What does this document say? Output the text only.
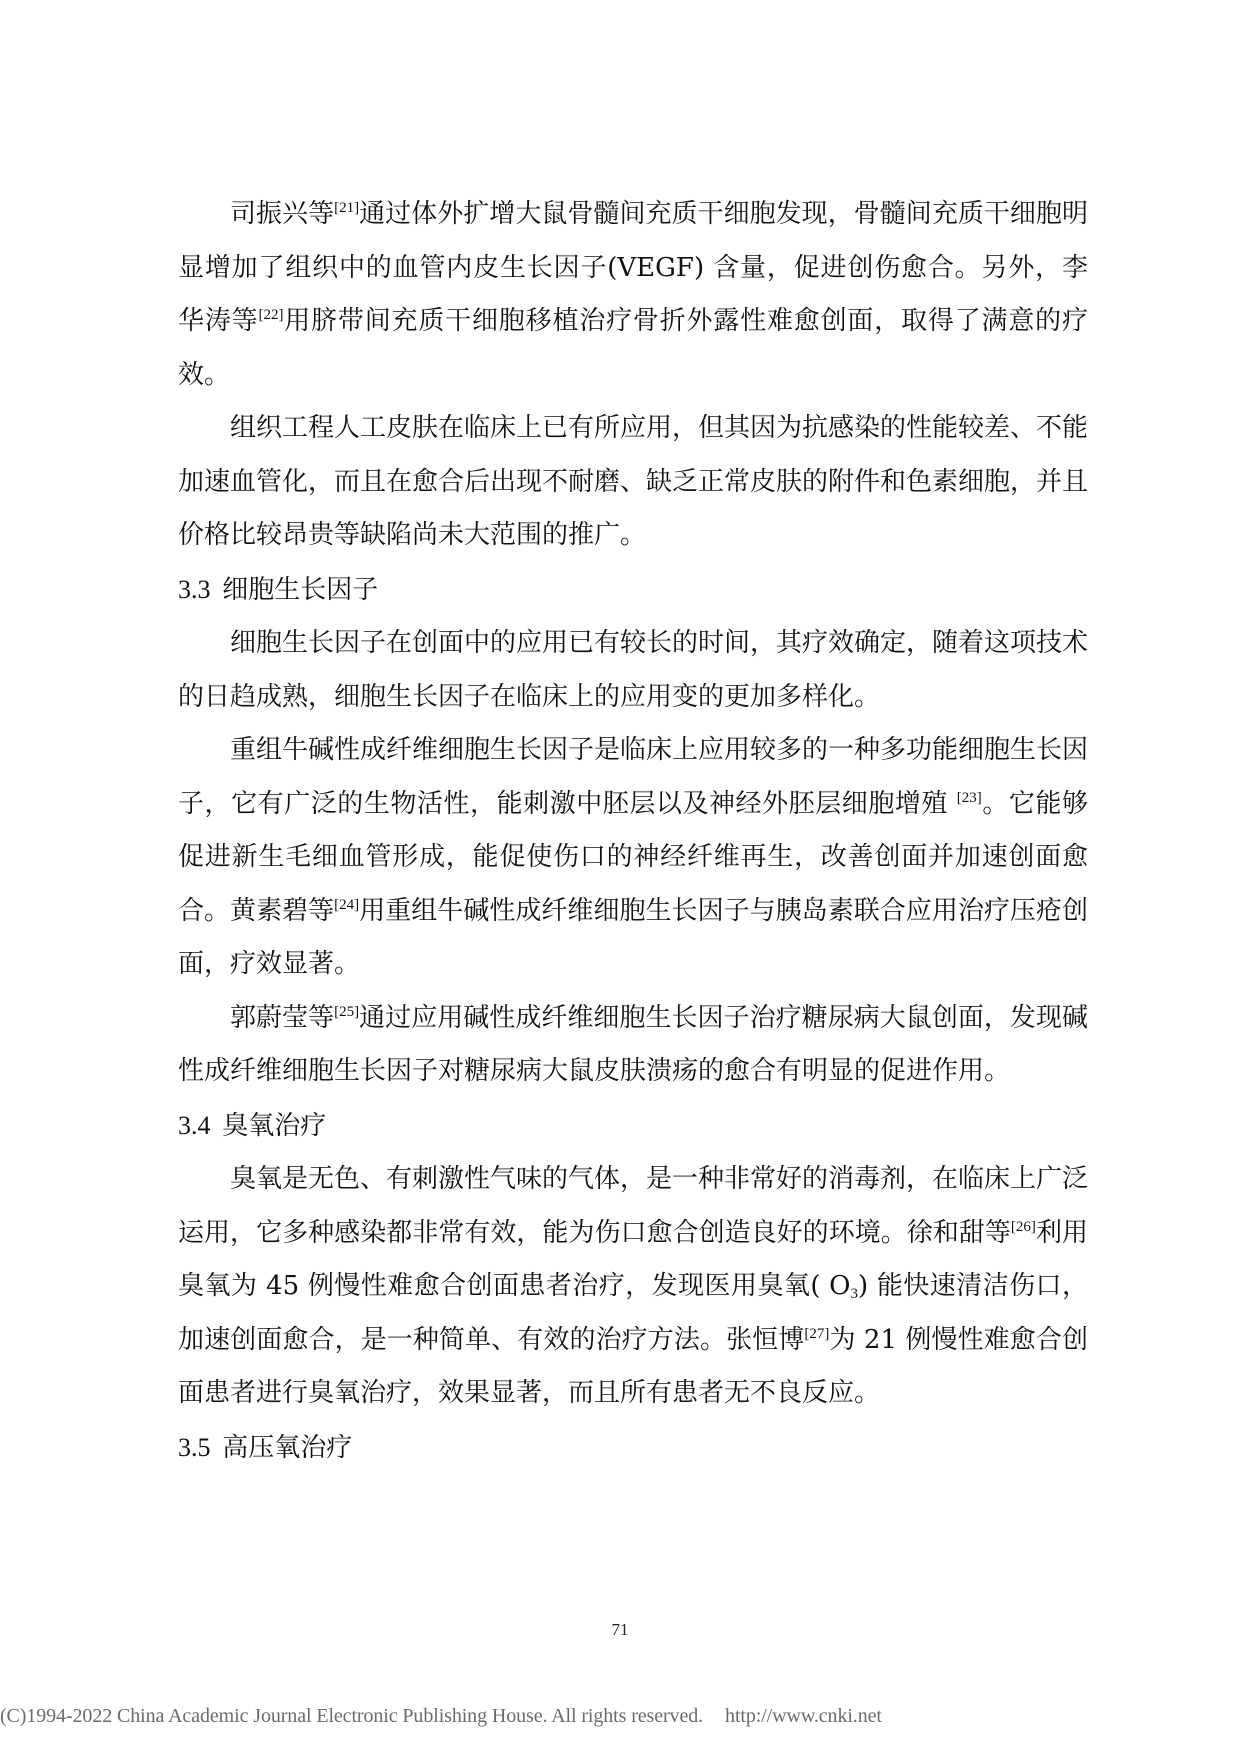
司振兴等[21]通过体外扩增大鼠骨髓间充质干细胞发现，骨髓间充质干细胞明显增加了组织中的血管内皮生长因子(VEGF) 含量，促进创伤愈合。另外，李华涛等[22]用脐带间充质干细胞移植治疗骨折外露性难愈创面，取得了满意的疗效。

组织工程人工皮肤在临床上已有所应用，但其因为抗感染的性能较差、不能加速血管化，而且在愈合后出现不耐磨、缺乏正常皮肤的附件和色素细胞，并且价格比较昂贵等缺陷尚未大范围的推广。

3.3 细胞生长因子

细胞生长因子在创面中的应用已有较长的时间，其疗效确定，随着这项技术的日趋成熟，细胞生长因子在临床上的应用变的更加多样化。

重组牛碱性成纤维细胞生长因子是临床上应用较多的一种多功能细胞生长因子，它有广泛的生物活性，能刺激中胚层以及神经外胚层细胞增殖 [23]。它能够促进新生毛细血管形成，能促使伤口的神经纤维再生，改善创面并加速创面愈合。黄素碧等[24]用重组牛碱性成纤维细胞生长因子与胰岛素联合应用治疗压疮创面，疗效显著。

郭蔚莹等[25]通过应用碱性成纤维细胞生长因子治疗糖尿病大鼠创面，发现碱性成纤维细胞生长因子对糖尿病大鼠皮肤溃疡的愈合有明显的促进作用。

3.4 臭氧治疗

臭氧是无色、有刺激性气味的气体，是一种非常好的消毒剂，在临床上广泛运用，它多种感染都非常有效，能为伤口愈合创造良好的环境。徐和甜等[26]利用臭氧为 45 例慢性难愈合创面患者治疗，发现医用臭氧( $O_3$) 能快速清洁伤口，加速创面愈合，是一种简单、有效的治疗方法。张恒博[27]为 21 例慢性难愈合创面患者进行臭氧治疗，效果显著，而且所有患者无不良反应。

3.5 高压氧治疗

71
(C)1994-2022 China Academic Journal Electronic Publishing House. All rights reserved. http://www.cnki.net
